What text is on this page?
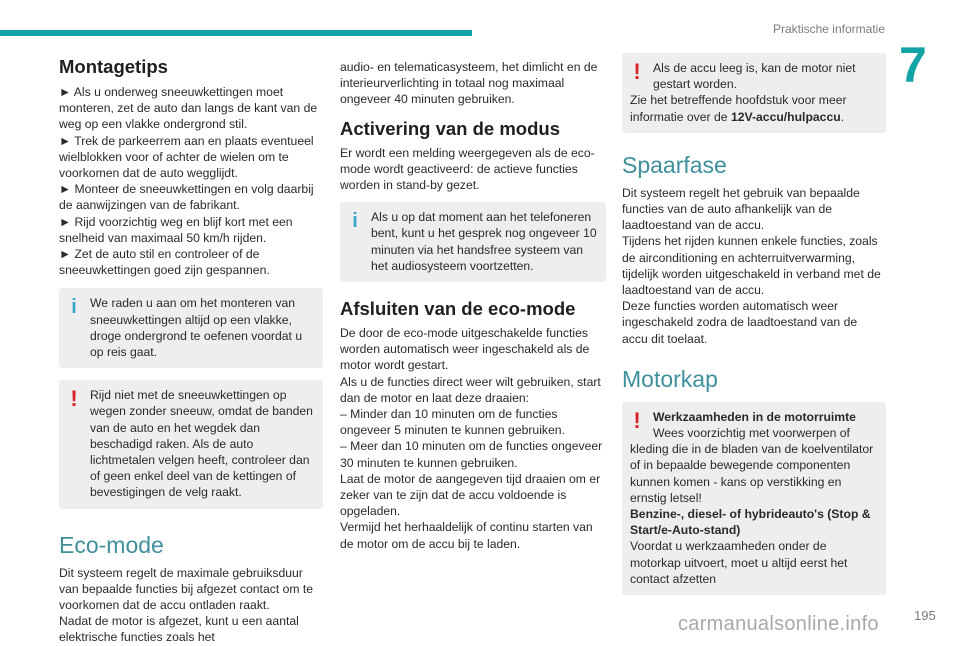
Praktische informatie
7
Montagetips

► Als u onderweg sneeuwkettingen moet monteren, zet de auto dan langs de kant van de weg op een vlakke ondergrond stil.
► Trek de parkeerrem aan en plaats eventueel wielblokken voor of achter de wielen om te voorkomen dat de auto wegglijdt.
► Monteer de sneeuwkettingen en volg daarbij de aanwijzingen van de fabrikant.
► Rijd voorzichtig weg en blijf kort met een snelheid van maximaal 50 km/h rijden.
► Zet de auto stil en controleer of de sneeuwkettingen goed zijn gespannen.

i	We raden u aan om het monteren van sneeuwkettingen altijd op een vlakke, droge ondergrond te oefenen voordat u op reis gaat.

!	Rijd niet met de sneeuwkettingen op wegen zonder sneeuw, omdat de banden van de auto en het wegdek dan beschadigd raken. Als de auto lichtmetalen velgen heeft, controleer dan of geen enkel deel van de kettingen of bevestigingen de velg raakt.

Eco-mode

Dit systeem regelt de maximale gebruiksduur van bepaalde functies bij afgezet contact om te voorkomen dat de accu ontladen raakt.
Nadat de motor is afgezet, kunt u een aantal elektrische functies zoals het

audio- en telematicasysteem, het dimlicht en de interieurverlichting in totaal nog maximaal ongeveer 40 minuten gebruiken.

Activering van de modus

Er wordt een melding weergegeven als de eco-mode wordt geactiveerd: de actieve functies worden in stand-by gezet.

i	Als u op dat moment aan het telefoneren bent, kunt u het gesprek nog ongeveer 10 minuten via het handsfree systeem van het audiosysteem voortzetten.

Afsluiten van de eco-mode

De door de eco-mode uitgeschakelde functies worden automatisch weer ingeschakeld als de motor wordt gestart.
Als u de functies direct weer wilt gebruiken, start dan de motor en laat deze draaien:
– Minder dan 10 minuten om de functies ongeveer 5 minuten te kunnen gebruiken.
– Meer dan 10 minuten om de functies ongeveer 30 minuten te kunnen gebruiken.
Laat de motor de aangegeven tijd draaien om er zeker van te zijn dat de accu voldoende is opgeladen.
Vermijd het herhaaldelijk of continu starten van de motor om de accu bij te laden.

!	Als de accu leeg is, kan de motor niet gestart worden.

Zie het betreffende hoofdstuk voor meer informatie over de 12V-accu/hulpaccu.

Spaarfase

Dit systeem regelt het gebruik van bepaalde functies van de auto afhankelijk van de laadtoestand van de accu.
Tijdens het rijden kunnen enkele functies, zoals de airconditioning en achterruitverwarming, tijdelijk worden uitgeschakeld in verband met de laadtoestand van de accu.
Deze functies worden automatisch weer ingeschakeld zodra de laadtoestand van de accu dit toelaat.

Motorkap
!	Werkzaamheden in de motorruimte

Wees voorzichtig met voorwerpen of kleding die in de bladen van de koelventilator of in bepaalde bewegende componenten kunnen komen - kans op verstikking en ernstig letsel!

Benzine-, diesel- of hybrideauto's (Stop & Start/e-Auto-stand)

Voordat u werkzaamheden onder de motorkap uitvoert, moet u altijd eerst het contact afzetten

carmanualsonline.info	195
